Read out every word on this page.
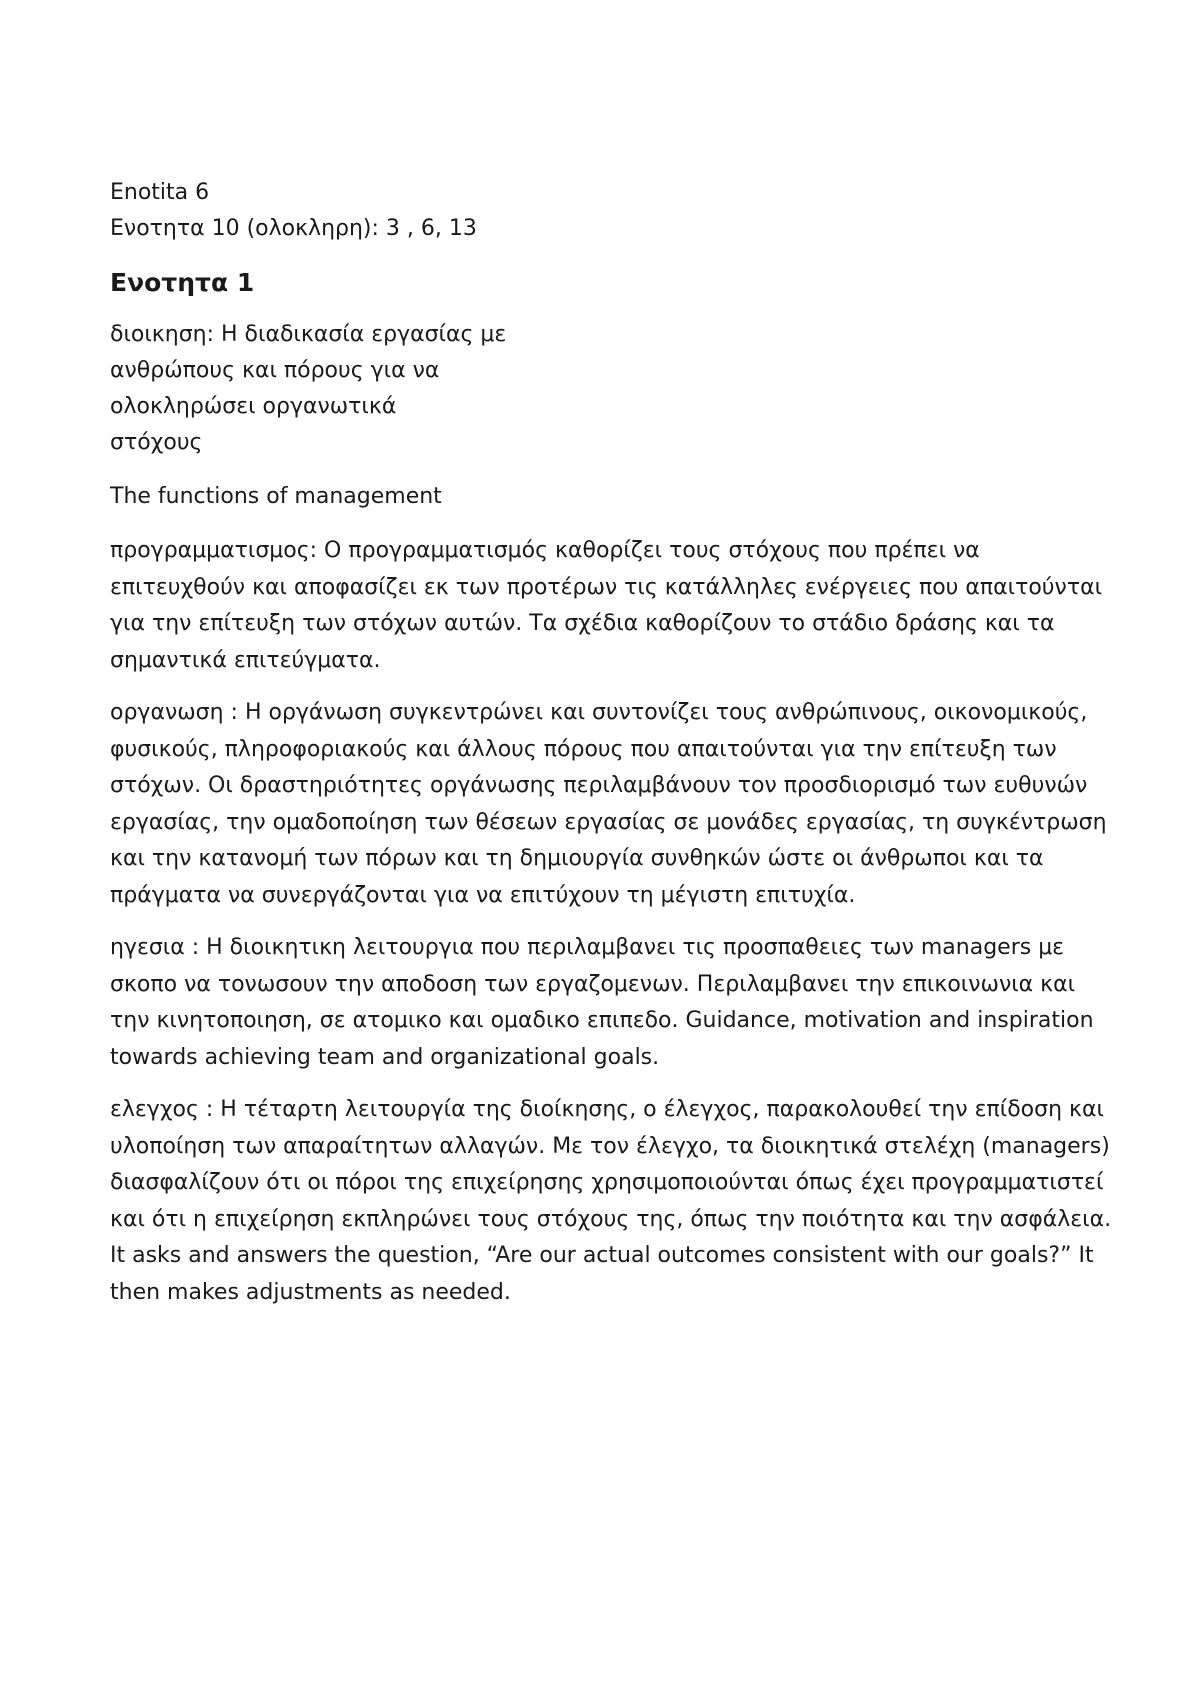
Enotita 6
Ενοτητα 10 (ολοκληρη): 3 , 6, 13
Ενοτητα 1
διοικηση: Η διαδικασία εργασίας με
ανθρώπους και πόρους για να
ολοκληρώσει οργανωτικά
στόχους
The functions of management
προγραμματισμος: Ο προγραμματισμός καθορίζει τους στόχους που πρέπει να
επιτευχθούν και αποφασίζει εκ των προτέρων τις κατάλληλες ενέργειες που απαιτούνται
για την επίτευξη των στόχων αυτών. Τα σχέδια καθορίζουν το στάδιο δράσης και τα
σημαντικά επιτεύγματα.
οργανωση : Η οργάνωση συγκεντρώνει και συντονίζει τους ανθρώπινους, οικονομικούς,
φυσικούς, πληροφοριακούς και άλλους πόρους που απαιτούνται για την επίτευξη των
στόχων. Οι δραστηριότητες οργάνωσης περιλαμβάνουν τον προσδιορισμό των ευθυνών
εργασίας, την ομαδοποίηση των θέσεων εργασίας σε μονάδες εργασίας, τη συγκέντρωση
και την κατανομή των πόρων και τη δημιουργία συνθηκών ώστε οι άνθρωποι και τα
πράγματα να συνεργάζονται για να επιτύχουν τη μέγιστη επιτυχία.
ηγεσια : Η διοικητικη λειτουργια που περιλαμβανει τις προσπαθειες των managers με
σκοπο να τονωσουν την αποδοση των εργαζομενων. Περιλαμβανει την επικοινωνια και
την κινητοποιηση, σε ατομικο και ομαδικο επιπεδο. Guidance, motivation and inspiration
towards achieving team and organizational goals.
ελεγχος : Η τέταρτη λειτουργία της διοίκησης, ο έλεγχος, παρακολουθεί την επίδοση και
υλοποίηση των απαραίτητων αλλαγών. Με τον έλεγχο, τα διοικητικά στελέχη (managers)
διασφαλίζουν ότι οι πόροι της επιχείρησης χρησιμοποιούνται όπως έχει προγραμματιστεί
και ότι η επιχείρηση εκπληρώνει τους στόχους της, όπως την ποιότητα και την ασφάλεια.
It asks and answers the question, “Are our actual outcomes consistent with our goals?” It
then makes adjustments as needed.
